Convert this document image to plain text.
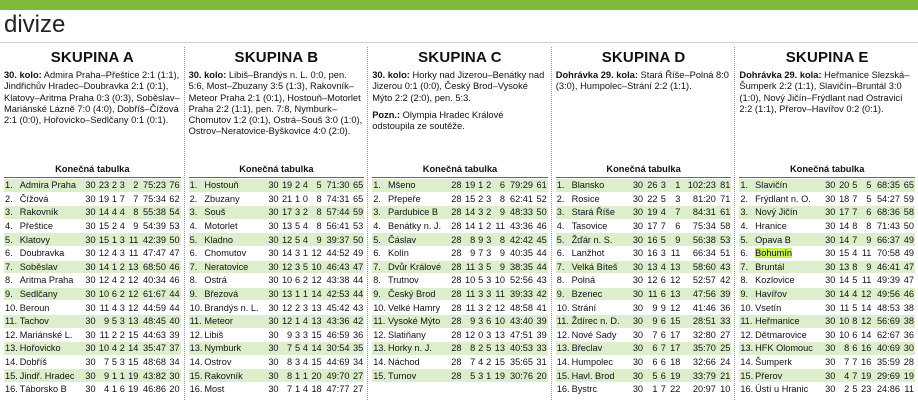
divize
SKUPINA A
30. kolo: Admira Praha–Přeštice 2:1 (1:1), Jindřichův Hradec–Doubravka 2:1 (0:1), Klatovy–Aritma Praha 0:3 (0:3), Soběslav–Mariánské Lázně 7:0 (4:0), Dobříš–Čížová 2:1 (0:0), Hořovicko–Sedlčany 0:1 (0:1).
Konečná tabulka
1.	Admira Praha	30	23	2	3	2	75:23	76
2.	Čížová	30	19	1	7	7	75:34	62
3.	Rakovník	30	14	4	4	8	55:38	54
4.	Přeštice	30	15	2	4	9	54:39	53
5.	Klatovy	30	15	1	3	11	42:39	50
6.	Doubravka	30	12	4	3	11	47:47	47
7.	Soběslav	30	14	1	2	13	68:50	46
8.	Aritma Praha	30	12	4	2	12	40:34	46
9.	Sedlčany	30	10	6	2	12	61:67	44
10.	Beroun	30	11	4	3	12	44:59	44
11.	Tachov	30	9	5	3	13	48:45	40
12.	Mariánské L.	30	11	2	2	15	44:63	39
13.	Hořovicko	30	10	4	2	14	35:47	37
14.	Dobříš	30	7	5	3	15	48:68	34
15.	Jindř. Hradec	30	9	1	1	19	43:82	30
16.	Táborsko B	30	4	1	6	19	46:86	20
SKUPINA B
30. kolo: Libiš–Brandýs n. L. 0:0, pen. 5:6, Most–Zbuzany 3:5 (1:3), Rakovník–Meteor Praha 2:1 (0:1), Hostouň–Motorlet Praha 2:2 (1:1), pen. 7:8, Nymburk–Chomutov 1:2 (0:1), Ostrá–Souš 3:0 (1:0), Ostrov–Neratovice-Byškovice 4:0 (2:0).
Konečná tabulka
1.	Hostouň	30	19	2	4	5	71:30	65
2.	Zbuzany	30	21	1	0	8	74:31	65
3.	Souš	30	17	3	2	8	57:44	59
4.	Motorlet	30	13	5	4	8	56:41	53
5.	Kladno	30	12	5	4	9	39:37	50
6.	Chomutov	30	14	3	1	12	44:52	49
7.	Neratovice	30	12	3	5	10	46:43	47
8.	Ostrá	30	10	6	2	12	43:38	44
9.	Březová	30	13	1	1	14	42:53	44
10.	Brandýs n. L.	30	12	2	3	13	45:42	43
11.	Meteor	30	12	1	4	13	43:36	42
12.	Libiš	30	9	3	3	15	46:59	36
13.	Nymburk	30	7	5	4	14	30:54	35
14.	Ostrov	30	8	3	4	15	44:69	34
15.	Rakovník	30	8	1	1	20	49:70	27
16.	Most	30	7	1	4	18	47:77	27
SKUPINA C
30. kolo: Horky nad Jizerou–Benátky nad Jizerou 0:1 (0:0), Český Brod–Vysoké Mýto 2:2 (2:0), pen. 5:3.
Pozn.: Olympia Hradec Králové odstoupila ze soutěže.
Konečná tabulka
1.	Mšeno	28	19	1	2	6	79:29	61
2.	Přepeře	28	15	2	3	8	62:41	52
3.	Pardubice B	28	14	3	2	9	48:33	50
4.	Benátky n. J.	28	14	1	2	11	43:36	46
5.	Čáslav	28	8	9	3	8	42:42	45
6.	Kolín	28	9	7	3	9	40:35	44
7.	Dvůr Králové	28	11	3	5	9	38:35	44
8.	Trutnov	28	10	5	3	10	52:56	43
9.	Český Brod	28	11	3	3	11	39:33	42
10.	Velké Hamry	28	11	3	2	12	48:58	41
11.	Vysoké Mýto	28	9	3	6	10	43:40	39
12.	Slatiňany	28	12	0	3	13	47:51	39
13.	Horky n. J.	28	8	2	5	13	40:53	33
14.	Náchod	28	7	4	2	15	35:65	31
15.	Turnov	28	5	3	1	19	30:76	20
SKUPINA D
Dohrávka 29. kola: Stará Říše–Polná 8:0 (3:0), Humpolec–Strání 2:2 (1:1).
Konečná tabulka
1.	Blansko	30	26	3	1	102:23	81
2.	Rosice	30	22	5	3	81:20	71
3.	Stará Říše	30	19	4	7	84:31	61
4.	Tasovice	30	17	7	6	75:34	58
5.	Žďár n. S.	30	16	5	9	56:38	53
6.	Lanžhot	30	16	3	11	66:34	51
7.	Velká Bíteš	30	13	4	13	58:60	43
8.	Polná	30	12	6	12	52:57	42
9.	Bzenec	30	11	6	13	47:56	39
10.	Strání	30	9	9	12	41:46	36
11.	Ždírec n. D.	30	9	6	15	28:51	33
12.	Nové Sady	30	7	6	17	32:80	27
13.	Břeclav	30	6	7	17	35:70	25
14.	Humpolec	30	6	6	18	32:66	24
15.	Havl. Brod	30	5	6	19	33:79	21
16.	Bystrc	30	1	7	22	20:97	10
SKUPINA E
Dohrávka 29. kola: Heřmanice Slezská–Šumperk 2:2 (1:1), Slavičín–Bruntál 3:0 (1:0), Nový Jičín–Frýdlant nad Ostravicí 2:2 (1:1), Přerov–Havířov 0:2 (0:1).
Konečná tabulka
1.	Slavičín	30	20	5	5	68:35	65
2.	Frýdlant n. O.	30	18	7	5	54:27	59
3.	Nový Jičín	30	17	7	6	68:36	58
4.	Hranice	30	14	8	8	71:43	50
5.	Opava B	30	14	7	9	66:37	49
6.	Bohumín	30	15	4	11	70:58	49
7.	Bruntál	30	13	8	9	46:41	47
8.	Kozlovice	30	14	5	11	49:39	47
9.	Havířov	30	14	4	12	49:56	46
10.	Vsetín	30	11	5	14	48:53	38
11.	Heřmanice	30	10	8	12	56:69	38
12.	Dětmarovice	30	10	6	14	62:67	36
13.	HFK Olomouc	30	8	6	16	40:69	30
14.	Šumperk	30	7	7	16	35:59	28
15.	Přerov	30	4	7	19	29:69	19
16.	Ústí u Hranic	30	2	5	23	24:86	11
